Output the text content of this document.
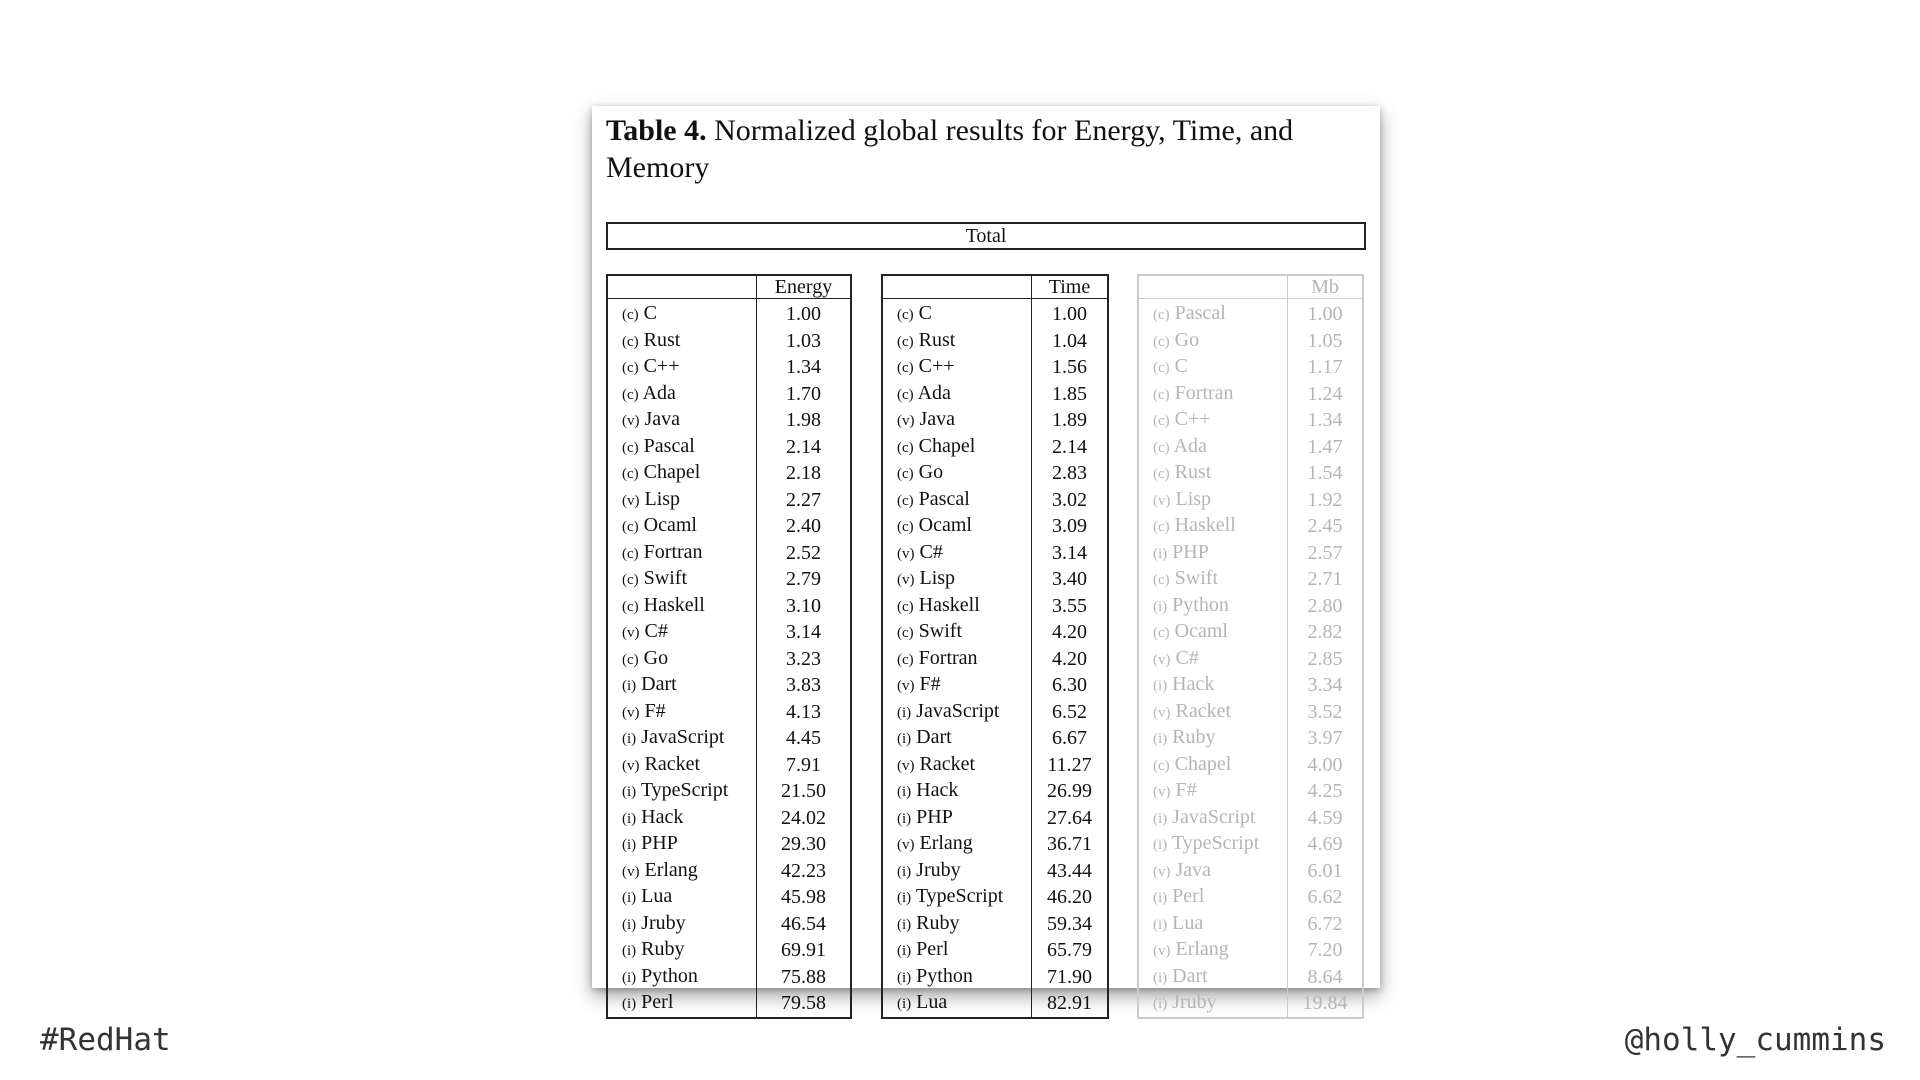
Table 4. Normalized global results for Energy, Time, and Memory
Total
	Energy
(c) C	1.00
(c) Rust	1.03
(c) C++	1.34
(c) Ada	1.70
(v) Java	1.98
(c) Pascal	2.14
(c) Chapel	2.18
(v) Lisp	2.27
(c) Ocaml	2.40
(c) Fortran	2.52
(c) Swift	2.79
(c) Haskell	3.10
(v) C#	3.14
(c) Go	3.23
(i) Dart	3.83
(v) F#	4.13
(i) JavaScript	4.45
(v) Racket	7.91
(i) TypeScript	21.50
(i) Hack	24.02
(i) PHP	29.30
(v) Erlang	42.23
(i) Lua	45.98
(i) Jruby	46.54
(i) Ruby	69.91
(i) Python	75.88
(i) Perl	79.58
	Time
(c) C	1.00
(c) Rust	1.04
(c) C++	1.56
(c) Ada	1.85
(v) Java	1.89
(c) Chapel	2.14
(c) Go	2.83
(c) Pascal	3.02
(c) Ocaml	3.09
(v) C#	3.14
(v) Lisp	3.40
(c) Haskell	3.55
(c) Swift	4.20
(c) Fortran	4.20
(v) F#	6.30
(i) JavaScript	6.52
(i) Dart	6.67
(v) Racket	11.27
(i) Hack	26.99
(i) PHP	27.64
(v) Erlang	36.71
(i) Jruby	43.44
(i) TypeScript	46.20
(i) Ruby	59.34
(i) Perl	65.79
(i) Python	71.90
(i) Lua	82.91
	Mb
(c) Pascal	1.00
(c) Go	1.05
(c) C	1.17
(c) Fortran	1.24
(c) C++	1.34
(c) Ada	1.47
(c) Rust	1.54
(v) Lisp	1.92
(c) Haskell	2.45
(i) PHP	2.57
(c) Swift	2.71
(i) Python	2.80
(c) Ocaml	2.82
(v) C#	2.85
(i) Hack	3.34
(v) Racket	3.52
(i) Ruby	3.97
(c) Chapel	4.00
(v) F#	4.25
(i) JavaScript	4.59
(i) TypeScript	4.69
(v) Java	6.01
(i) Perl	6.62
(i) Lua	6.72
(v) Erlang	7.20
(i) Dart	8.64
(i) Jruby	19.84
#RedHat	@holly_cummins
